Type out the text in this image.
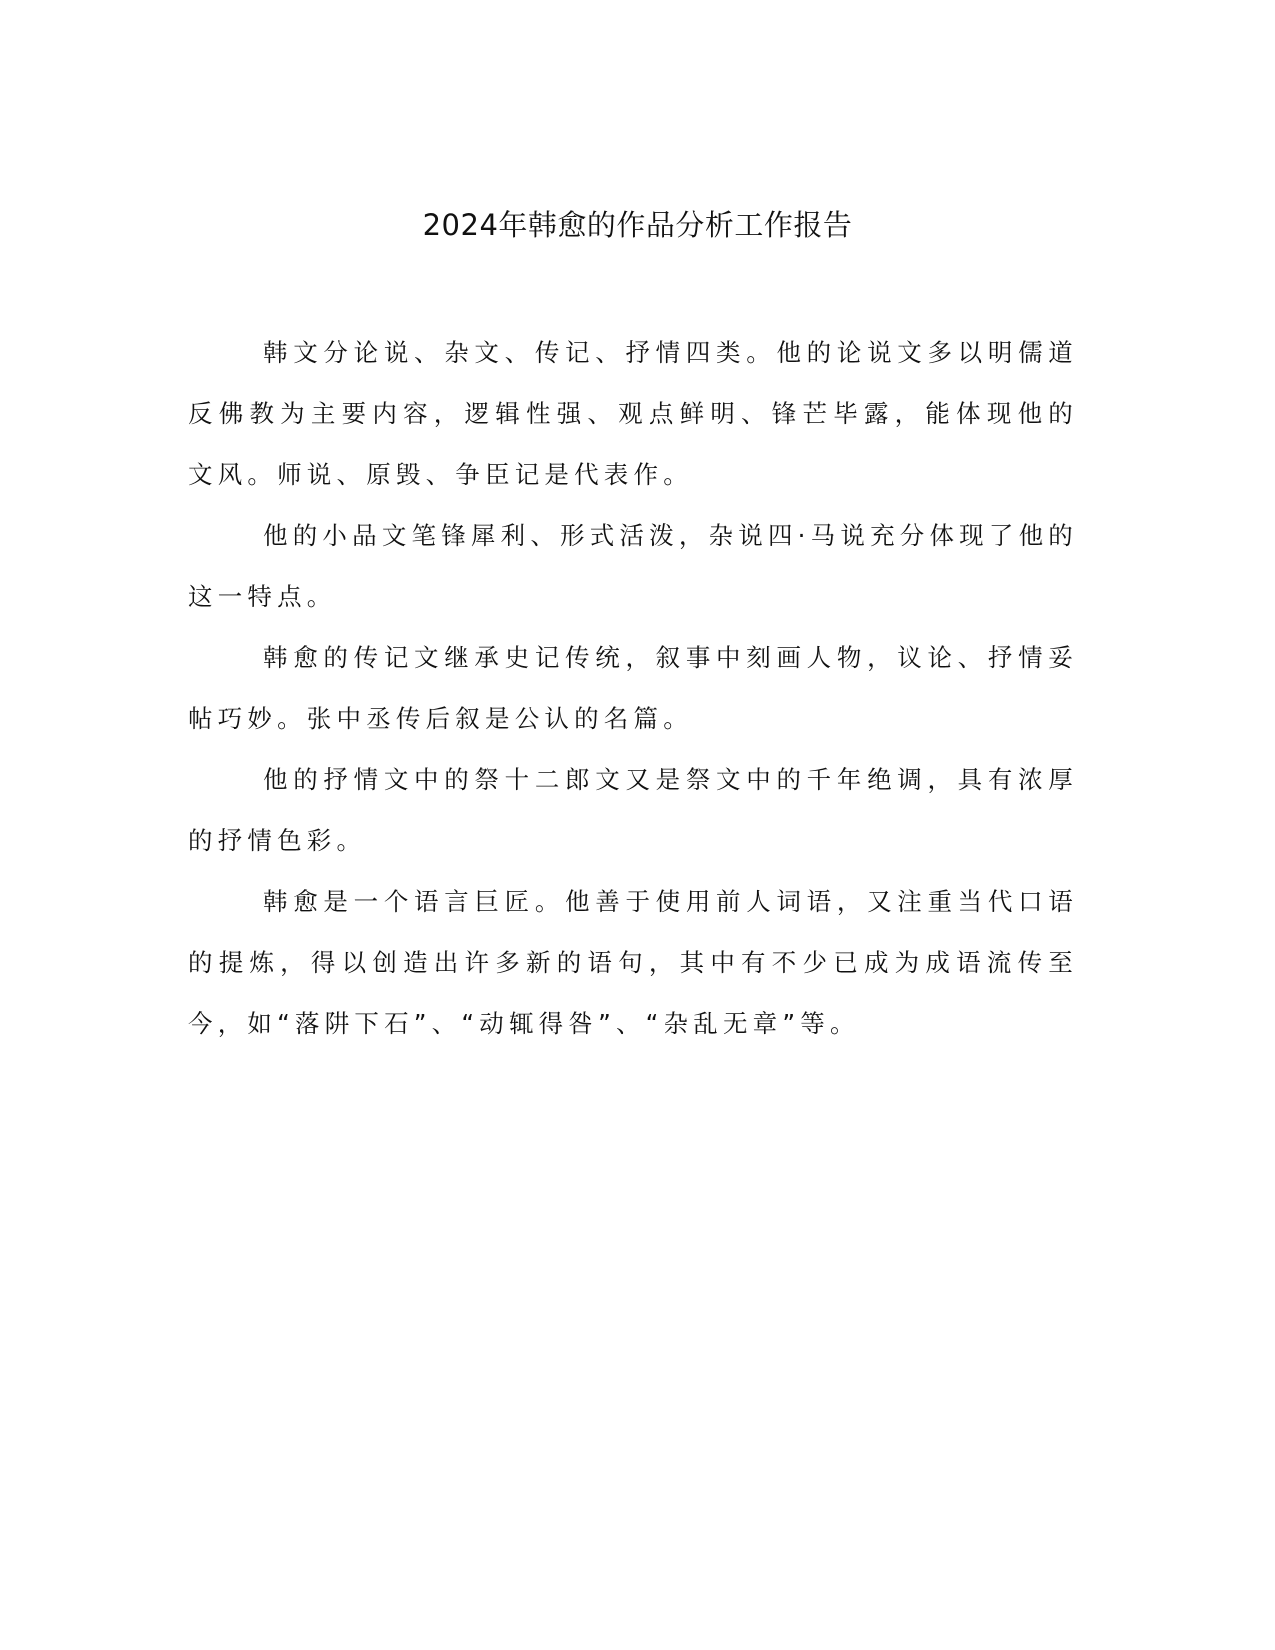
2024年韩愈的作品分析工作报告

韩文分论说、杂文、传记、抒情四类。他的论说文多以明儒道反佛教为主要内容，逻辑性强、观点鲜明、锋芒毕露，能体现他的文风。师说、原毁、争臣记是代表作。

他的小品文笔锋犀利、形式活泼，杂说四·马说充分体现了他的这一特点。

韩愈的传记文继承史记传统，叙事中刻画人物，议论、抒情妥帖巧妙。张中丞传后叙是公认的名篇。

他的抒情文中的祭十二郎文又是祭文中的千年绝调，具有浓厚的抒情色彩。

韩愈是一个语言巨匠。他善于使用前人词语，又注重当代口语的提炼，得以创造出许多新的语句，其中有不少已成为成语流传至今，如“落阱下石”、“动辄得咎”、“杂乱无章”等。
